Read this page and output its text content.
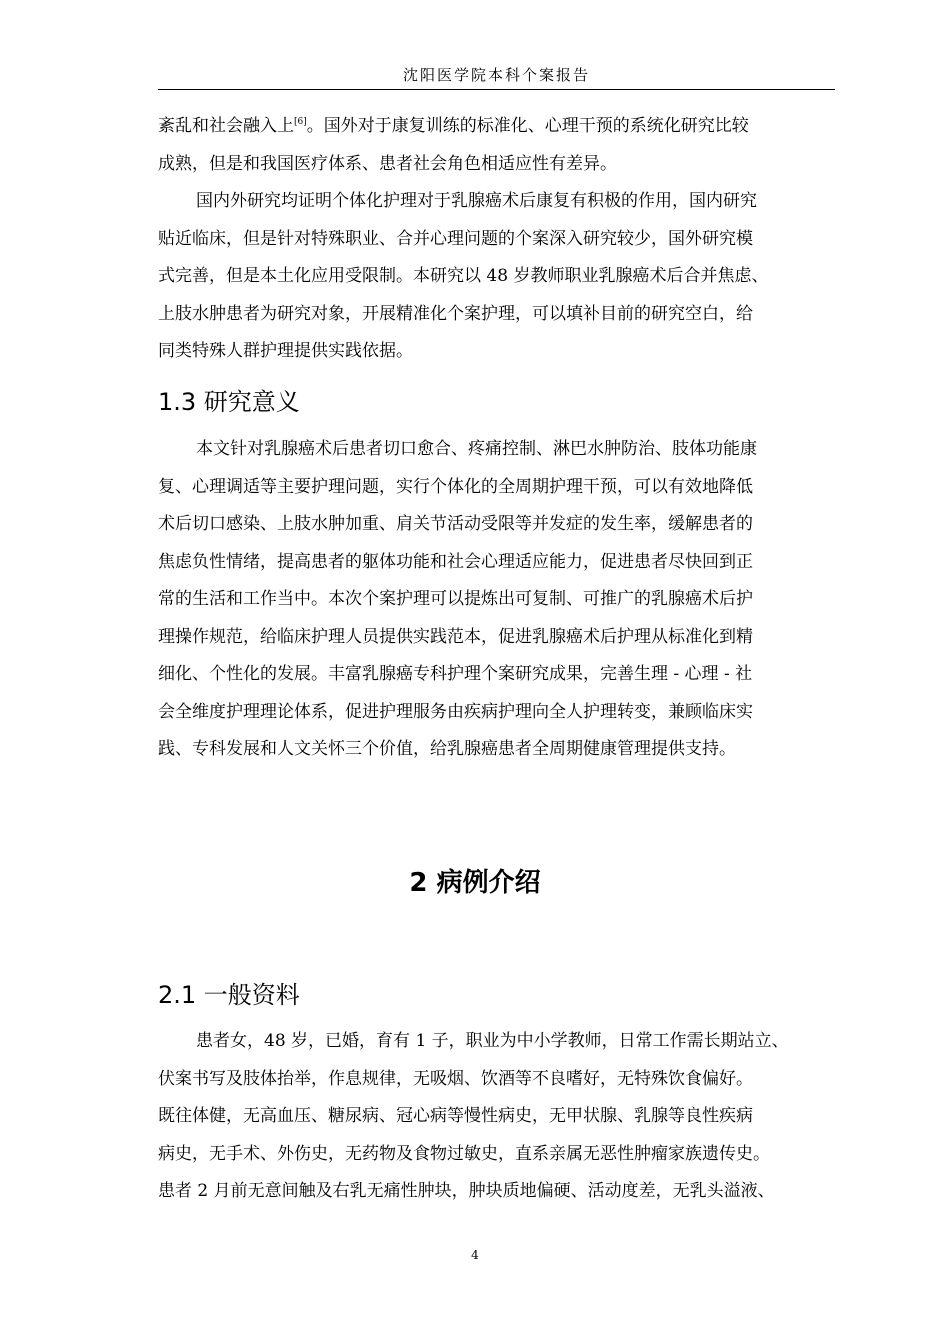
沈阳医学院本科个案报告
紊乱和社会融入上[6]。国外对于康复训练的标准化、心理干预的系统化研究比较
成熟，但是和我国医疗体系、患者社会角色相适应性有差异。
国内外研究均证明个体化护理对于乳腺癌术后康复有积极的作用，国内研究
贴近临床，但是针对特殊职业、合并心理问题的个案深入研究较少，国外研究模
式完善，但是本土化应用受限制。本研究以 48 岁教师职业乳腺癌术后合并焦虑、
上肢水肿患者为研究对象，开展精准化个案护理，可以填补目前的研究空白，给
同类特殊人群护理提供实践依据。
1.3 研究意义
本文针对乳腺癌术后患者切口愈合、疼痛控制、淋巴水肿防治、肢体功能康
复、心理调适等主要护理问题，实行个体化的全周期护理干预，可以有效地降低
术后切口感染、上肢水肿加重、肩关节活动受限等并发症的发生率，缓解患者的
焦虑负性情绪，提高患者的躯体功能和社会心理适应能力，促进患者尽快回到正
常的生活和工作当中。本次个案护理可以提炼出可复制、可推广的乳腺癌术后护
理操作规范，给临床护理人员提供实践范本，促进乳腺癌术后护理从标准化到精
细化、个性化的发展。丰富乳腺癌专科护理个案研究成果，完善生理 - 心理 - 社
会全维度护理理论体系，促进护理服务由疾病护理向全人护理转变，兼顾临床实
践、专科发展和人文关怀三个价值，给乳腺癌患者全周期健康管理提供支持。
2 病例介绍
2.1 一般资料
患者女，48 岁，已婚，育有 1 子，职业为中小学教师，日常工作需长期站立、
伏案书写及肢体抬举，作息规律，无吸烟、饮酒等不良嗜好，无特殊饮食偏好。
既往体健，无高血压、糖尿病、冠心病等慢性病史，无甲状腺、乳腺等良性疾病
病史，无手术、外伤史，无药物及食物过敏史，直系亲属无恶性肿瘤家族遗传史。
患者 2 月前无意间触及右乳无痛性肿块，肿块质地偏硬、活动度差，无乳头溢液、
4
